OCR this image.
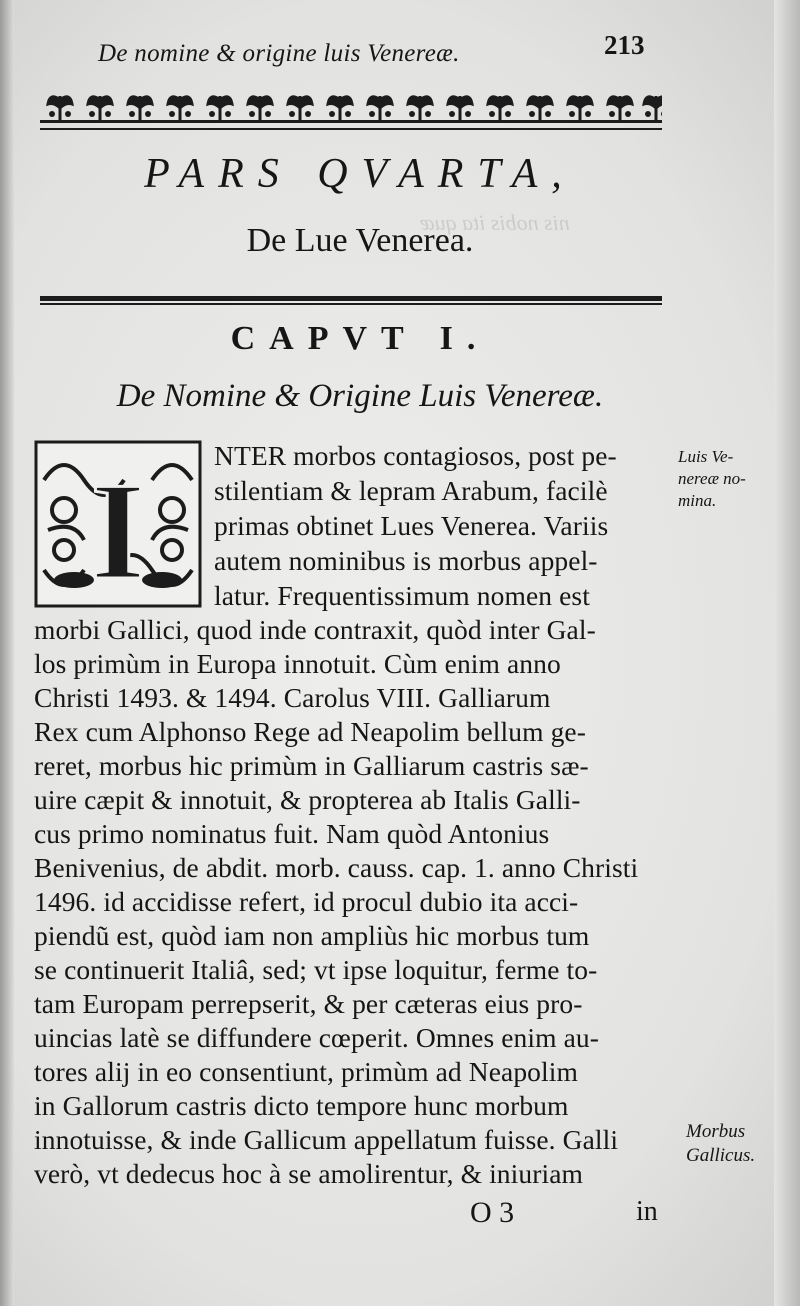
nis nobis ita quæ
De nomine & origine luis Venereæ.	213
PARS QVARTA,
De Lue Venerea.
CAPVT I.
De Nomine & Origine Luis Venereæ.
I	NTER morbos contagiosos, post pe-
stilentiam & lepram Arabum, facilè
primas obtinet Lues Venerea. Variis
autem nominibus is morbus appel-
latur. Frequentissimum nomen est
morbi Gallici, quod inde contraxit, quòd inter Gal-
los primùm in Europa innotuit. Cùm enim anno
Christi 1493. & 1494. Carolus VIII. Galliarum
Rex cum Alphonso Rege ad Neapolim bellum ge-
reret, morbus hic primùm in Galliarum castris sæ-
uire cæpit & innotuit, & propterea ab Italis Galli-
cus primo nominatus fuit. Nam quòd Antonius
Benivenius, de abdit. morb. causs. cap. 1. anno Christi
1496. id accidisse refert, id procul dubio ita acci-
piendũ est, quòd iam non ampliùs hic morbus tum
se continuerit Italiâ, sed; vt ipse loquitur, ferme to-
tam Europam perrepserit, & per cæteras eius pro-
uincias latè se diffundere cœperit. Omnes enim au-
tores alij in eo consentiunt, primùm ad Neapolim
in Gallorum castris dicto tempore hunc morbum
innotuisse, & inde Gallicum appellatum fuisse. Galli
verò, vt dedecus hoc à se amolirentur, & iniuriam
Luis Ve-
nereæ no-
mina.
Morbus
Gallicus.
O 3	in
